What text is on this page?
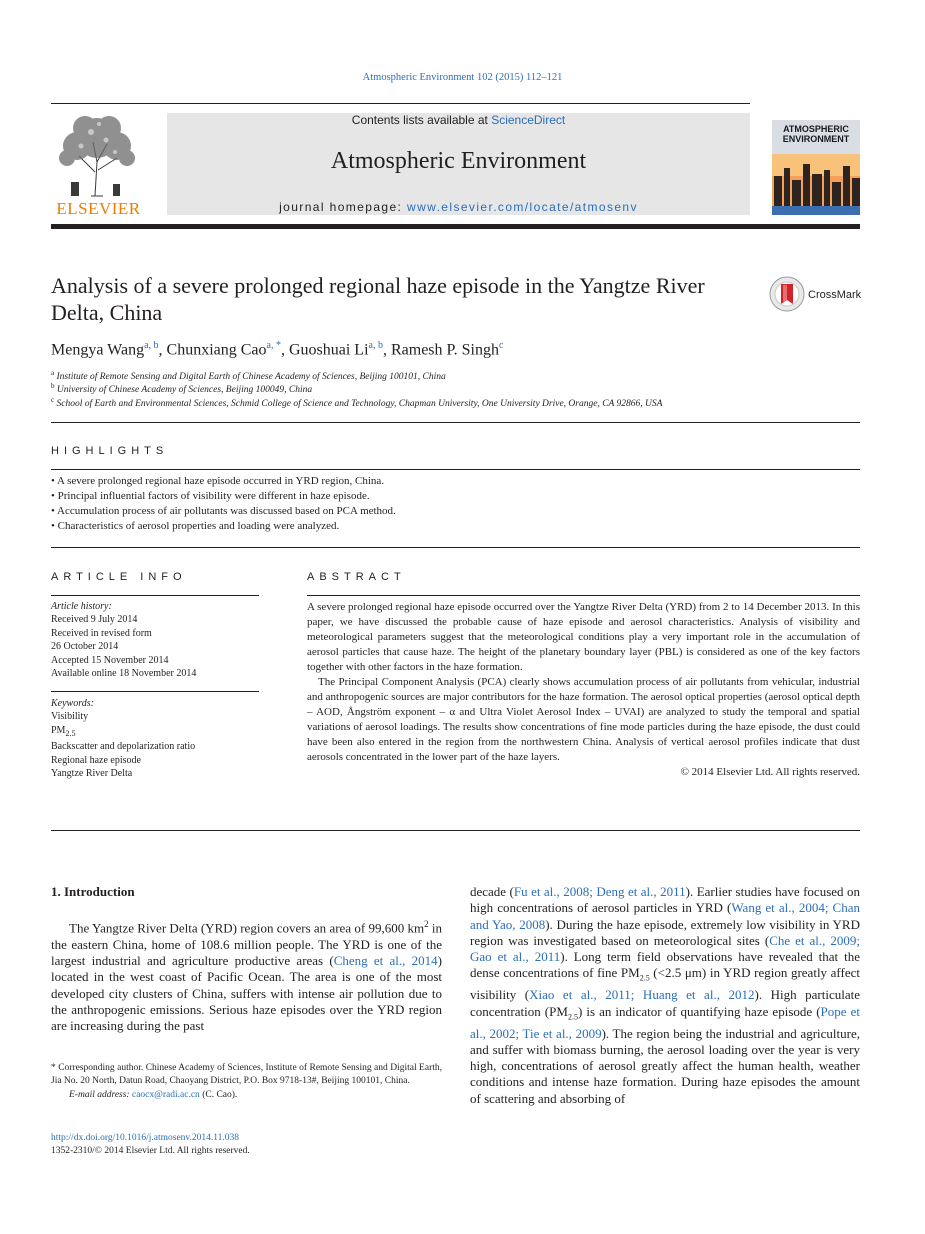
Atmospheric Environment 102 (2015) 112–121
ELSEVIER
Contents lists available at ScienceDirect
Atmospheric Environment
journal homepage: www.elsevier.com/locate/atmosenv
ATMOSPHERIC ENVIRONMENT
Analysis of a severe prolonged regional haze episode in the Yangtze River Delta, China
CrossMark
Mengya Wang$^{a, b}$, Chunxiang Cao$^{a, *}$, Guoshuai Li$^{a, b}$, Ramesh P. Singh$^c$
$^a$ Institute of Remote Sensing and Digital Earth of Chinese Academy of Sciences, Beijing 100101, China
$^b$ University of Chinese Academy of Sciences, Beijing 100049, China
$^c$ School of Earth and Environmental Sciences, Schmid College of Science and Technology, Chapman University, One University Drive, Orange, CA 92866, USA
HIGHLIGHTS
• A severe prolonged regional haze episode occurred in YRD region, China.
• Principal influential factors of visibility were different in haze episode.
• Accumulation process of air pollutants was discussed based on PCA method.
• Characteristics of aerosol properties and loading were analyzed.
ARTICLE INFO
Article history:
Received 9 July 2014
Received in revised form
26 October 2014
Accepted 15 November 2014
Available online 18 November 2014
Keywords:
Visibility
$PM_{2.5}$
Backscatter and depolarization ratio
Regional haze episode
Yangtze River Delta
ABSTRACT

A severe prolonged regional haze episode occurred over the Yangtze River Delta (YRD) from 2 to 14 December 2013. In this paper, we have discussed the probable cause of haze episode and aerosol characteristics. Analysis of visibility and meteorological parameters suggest that the meteorological conditions play a very important role in the accumulation of aerosol particles that cause haze. The height of the planetary boundary layer (PBL) is considered as one of the key factors together with other factors in the haze formation.

The Principal Component Analysis (PCA) clearly shows accumulation process of air pollutants from vehicular, industrial and anthropogenic sources are major contributors for the haze formation. The aerosol optical properties (aerosol optical depth – AOD, Ångström exponent – α and Ultra Violet Aerosol Index – UVAI) are analyzed to study the temporal and spatial variations of aerosol loadings. The results show concentrations of fine mode particles during the haze episode, the dust could have been also entered in the region from the northwestern China. Analysis of vertical aerosol profiles indicate that dust aerosols concentrated in the lower part of the haze layers.

© 2014 Elsevier Ltd. All rights reserved.
1. Introduction

The Yangtze River Delta (YRD) region covers an area of 99,600 $km^2$ in the eastern China, home of 108.6 million people. The YRD is one of the largest industrial and agriculture productive areas (Cheng et al., 2014) located in the west coast of Pacific Ocean. The area is one of the most developed city clusters of China, suffers with intense air pollution due to the anthropogenic emissions. Serious haze episodes over the YRD region are increasing during the past

decade (Fu et al., 2008; Deng et al., 2011). Earlier studies have focused on high concentrations of aerosol particles in YRD (Wang et al., 2004; Chan and Yao, 2008). During the haze episode, extremely low visibility in YRD region was investigated based on meteorological sites (Che et al., 2009; Gao et al., 2011). Long term field observations have revealed that the dense concentrations of fine $PM_{2.5}$ (<2.5 μm) in YRD region greatly affect visibility (Xiao et al., 2011; Huang et al., 2012). High particulate concentration $(PM_{2.5})$ is an indicator of quantifying haze episode (Pope et al., 2002; Tie et al., 2009). The region being the industrial and agriculture, and suffer with biomass burning, the aerosol loading over the year is very high, concentrations of aerosol greatly affect the human health, weather conditions and intense haze formation. During haze episodes the amount of scattering and absorbing of

* Corresponding author. Chinese Academy of Sciences, Institute of Remote Sensing and Digital Earth, Jia No. 20 North, Datun Road, Chaoyang District, P.O. Box 9718-13#, Beijing 100101, China.
E-mail address: caocx@radi.ac.cn (C. Cao).
http://dx.doi.org/10.1016/j.atmosenv.2014.11.038
1352-2310/© 2014 Elsevier Ltd. All rights reserved.
